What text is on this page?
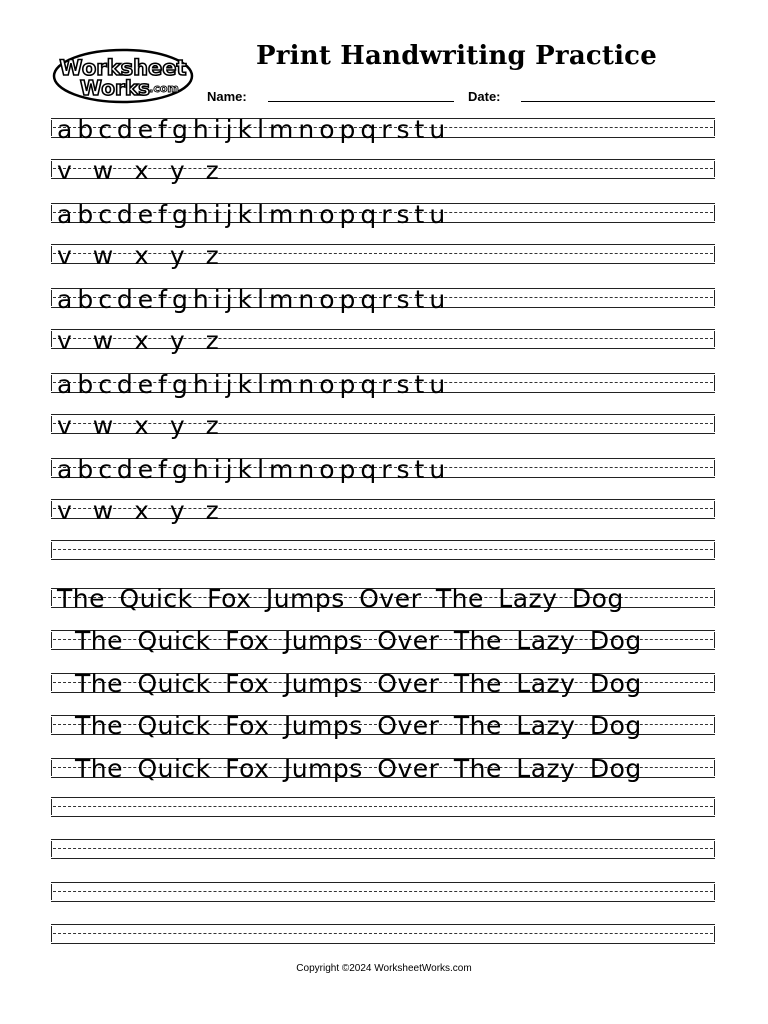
Worksheet
Works .com
Print Handwriting Practice
Name:	Date:
abcdefghijklmnopqrstu
v w x y z
abcdefghijklmnopqrstu
v w x y z
abcdefghijklmnopqrstu
v w x y z
abcdefghijklmnopqrstu
v w x y z
abcdefghijklmnopqrstu
v w x y z
The Quick Fox Jumps Over The Lazy Dog
The Quick Fox Jumps Over The Lazy Dog
The Quick Fox Jumps Over The Lazy Dog
The Quick Fox Jumps Over The Lazy Dog
The Quick Fox Jumps Over The Lazy Dog
Copyright ©2024 WorksheetWorks.com
